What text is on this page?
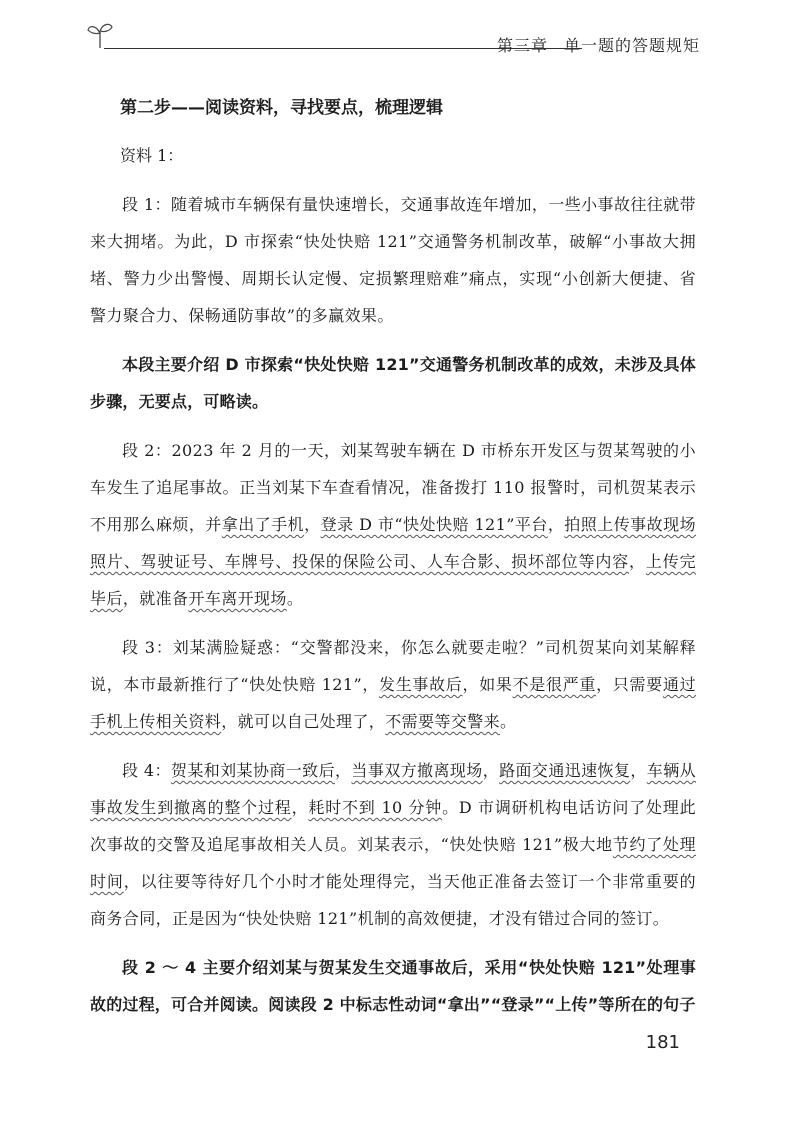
第三章 单一题的答题规矩
第二步——阅读资料，寻找要点，梳理逻辑
资料 1：

段 1：随着城市车辆保有量快速增长，交通事故连年增加，一些小事故往往就带来大拥堵。为此，D 市探索“快处快赔 121”交通警务机制改革，破解“小事故大拥堵、警力少出警慢、周期长认定慢、定损繁理赔难”痛点，实现“小创新大便捷、省警力聚合力、保畅通防事故”的多赢效果。

本段主要介绍 D 市探索“快处快赔 121”交通警务机制改革的成效，未涉及具体步骤，无要点，可略读。

段 2：2023 年 2 月的一天，刘某驾驶车辆在 D 市桥东开发区与贺某驾驶的小车发生了追尾事故。正当刘某下车查看情况，准备拨打 110 报警时，司机贺某表示不用那么麻烦，并拿出了手机，登录 D 市“快处快赔 121”平台，拍照上传事故现场照片、驾驶证号、车牌号、投保的保险公司、人车合影、损坏部位等内容，上传完毕后，就准备开车离开现场。

段 3：刘某满脸疑惑：“交警都没来，你怎么就要走啦？”司机贺某向刘某解释说，本市最新推行了“快处快赔 121”，发生事故后，如果不是很严重，只需要通过手机上传相关资料，就可以自己处理了，不需要等交警来。

段 4：贺某和刘某协商一致后，当事双方撤离现场，路面交通迅速恢复，车辆从事故发生到撤离的整个过程，耗时不到 10 分钟。D 市调研机构电话访问了处理此次事故的交警及追尾事故相关人员。刘某表示，“快处快赔 121”极大地节约了处理时间，以往要等待好几个小时才能处理得完，当天他正准备去签订一个非常重要的商务合同，正是因为“快处快赔 121”机制的高效便捷，才没有错过合同的签订。

段 2 ～ 4 主要介绍刘某与贺某发生交通事故后，采用“快处快赔 121”处理事故的过程，可合并阅读。阅读段 2 中标志性动词“拿出”“登录”“上传”等所在的句子

181
